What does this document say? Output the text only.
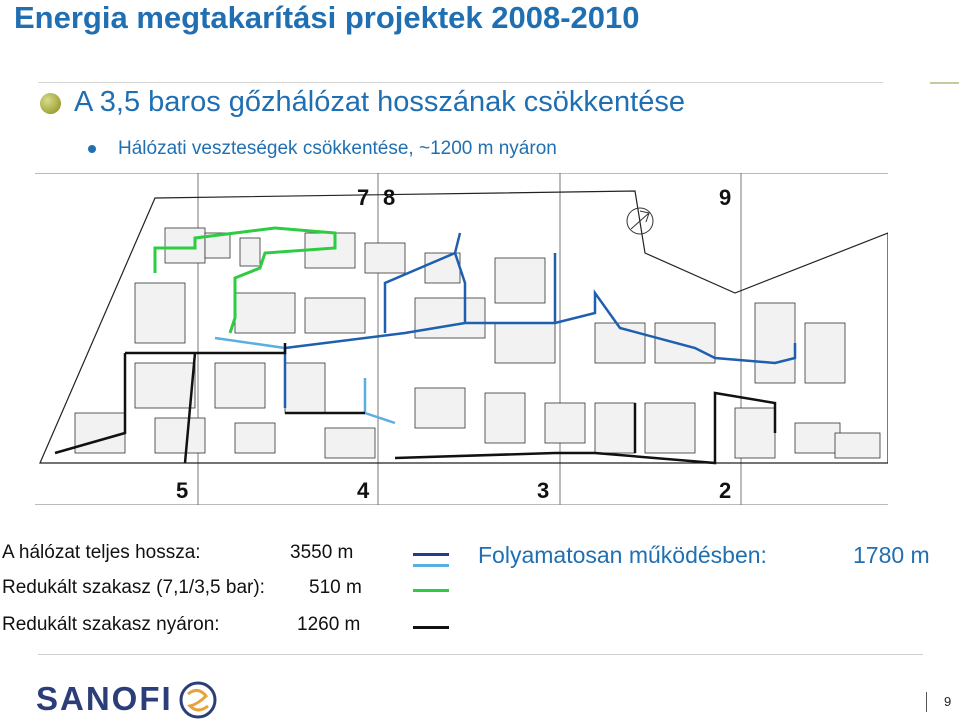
Energia megtakarítási projektek 2008-2010
A 3,5 baros gőzhálózat hosszának csökkentése
Hálózati veszteségek csökkentése, ~1200 m nyáron
7 8	9
5	4	3	2
A hálózat teljes hossza:	3550 m
Redukált szakasz (7,1/3,5 bar): 510 m
Redukált szakasz nyáron:	1260 m
Folyamatosan működésben:	1780 m
SANOFI	9
